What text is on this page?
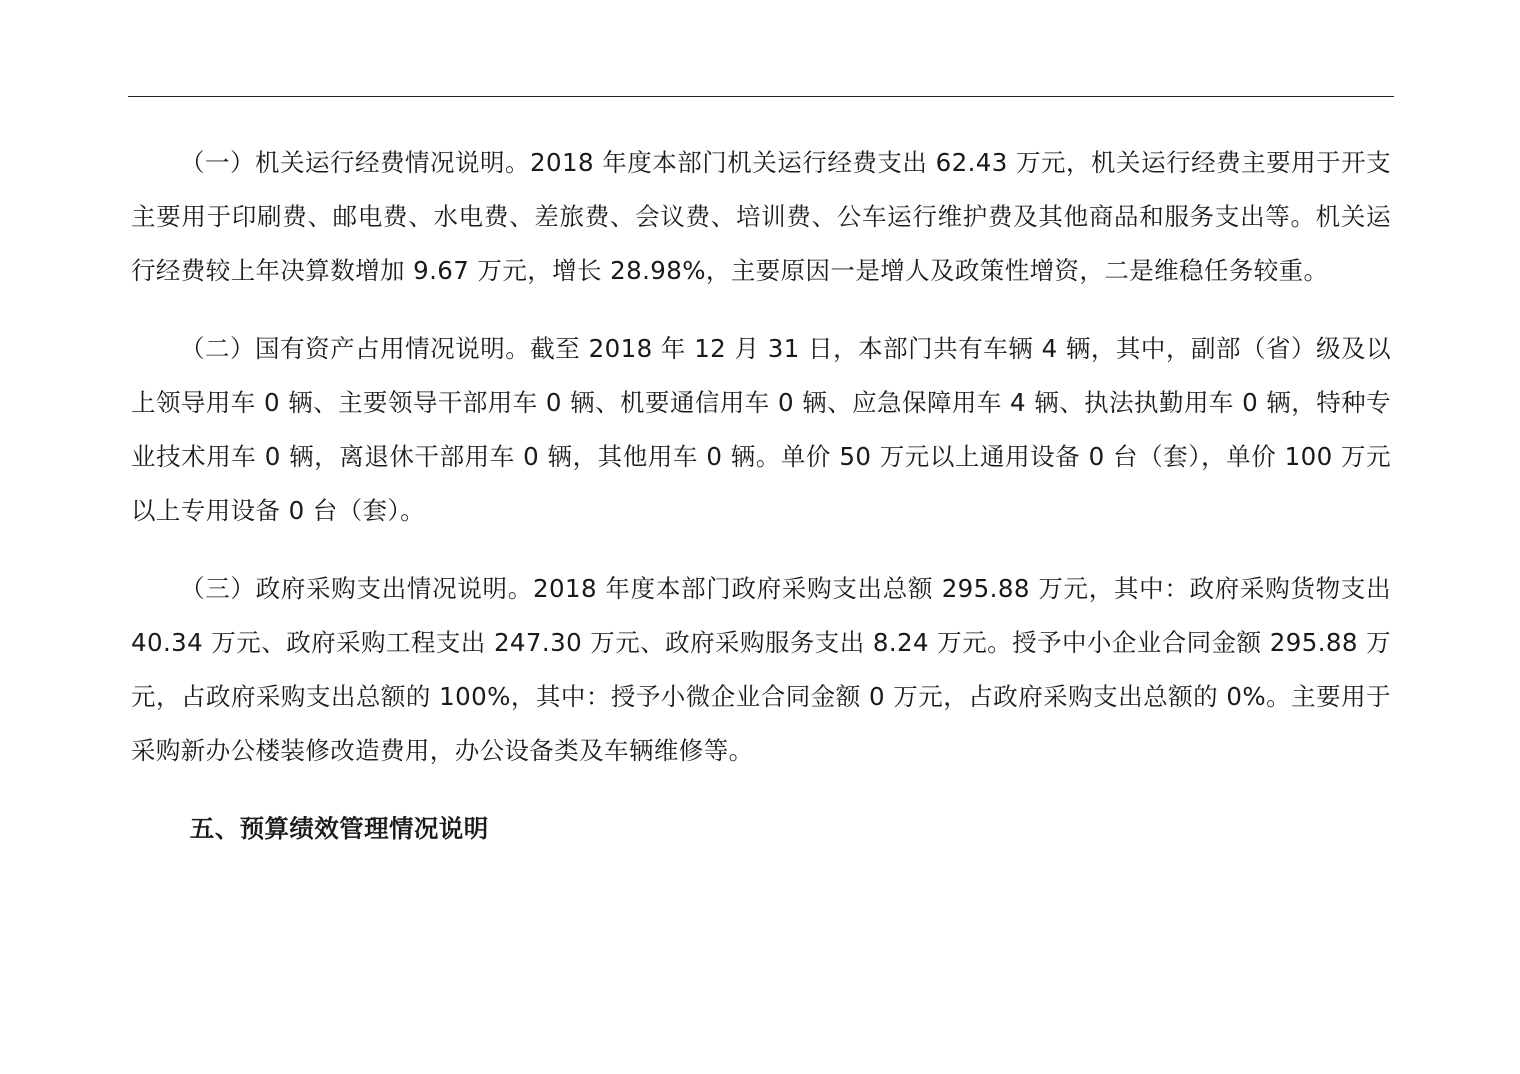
（一）机关运行经费情况说明。2018 年度本部门机关运行经费支出 62.43 万元，机关运行经费主要用于开支主要用于印刷费、邮电费、水电费、差旅费、会议费、培训费、公车运行维护费及其他商品和服务支出等。机关运行经费较上年决算数增加 9.67 万元，增长 28.98%，主要原因一是增人及政策性增资，二是维稳任务较重。

（二）国有资产占用情况说明。截至 2018 年 12 月 31 日，本部门共有车辆 4 辆，其中，副部（省）级及以上领导用车 0 辆、主要领导干部用车 0 辆、机要通信用车 0 辆、应急保障用车 4 辆、执法执勤用车 0 辆，特种专业技术用车 0 辆，离退休干部用车 0 辆，其他用车 0 辆。单价 50 万元以上通用设备 0 台（套），单价 100 万元以上专用设备 0 台（套）。

（三）政府采购支出情况说明。2018 年度本部门政府采购支出总额 295.88 万元，其中：政府采购货物支出 40.34 万元、政府采购工程支出 247.30 万元、政府采购服务支出 8.24 万元。授予中小企业合同金额 295.88 万元，占政府采购支出总额的 100%，其中：授予小微企业合同金额 0 万元，占政府采购支出总额的 0%。主要用于采购新办公楼装修改造费用，办公设备类及车辆维修等。

五、预算绩效管理情况说明
